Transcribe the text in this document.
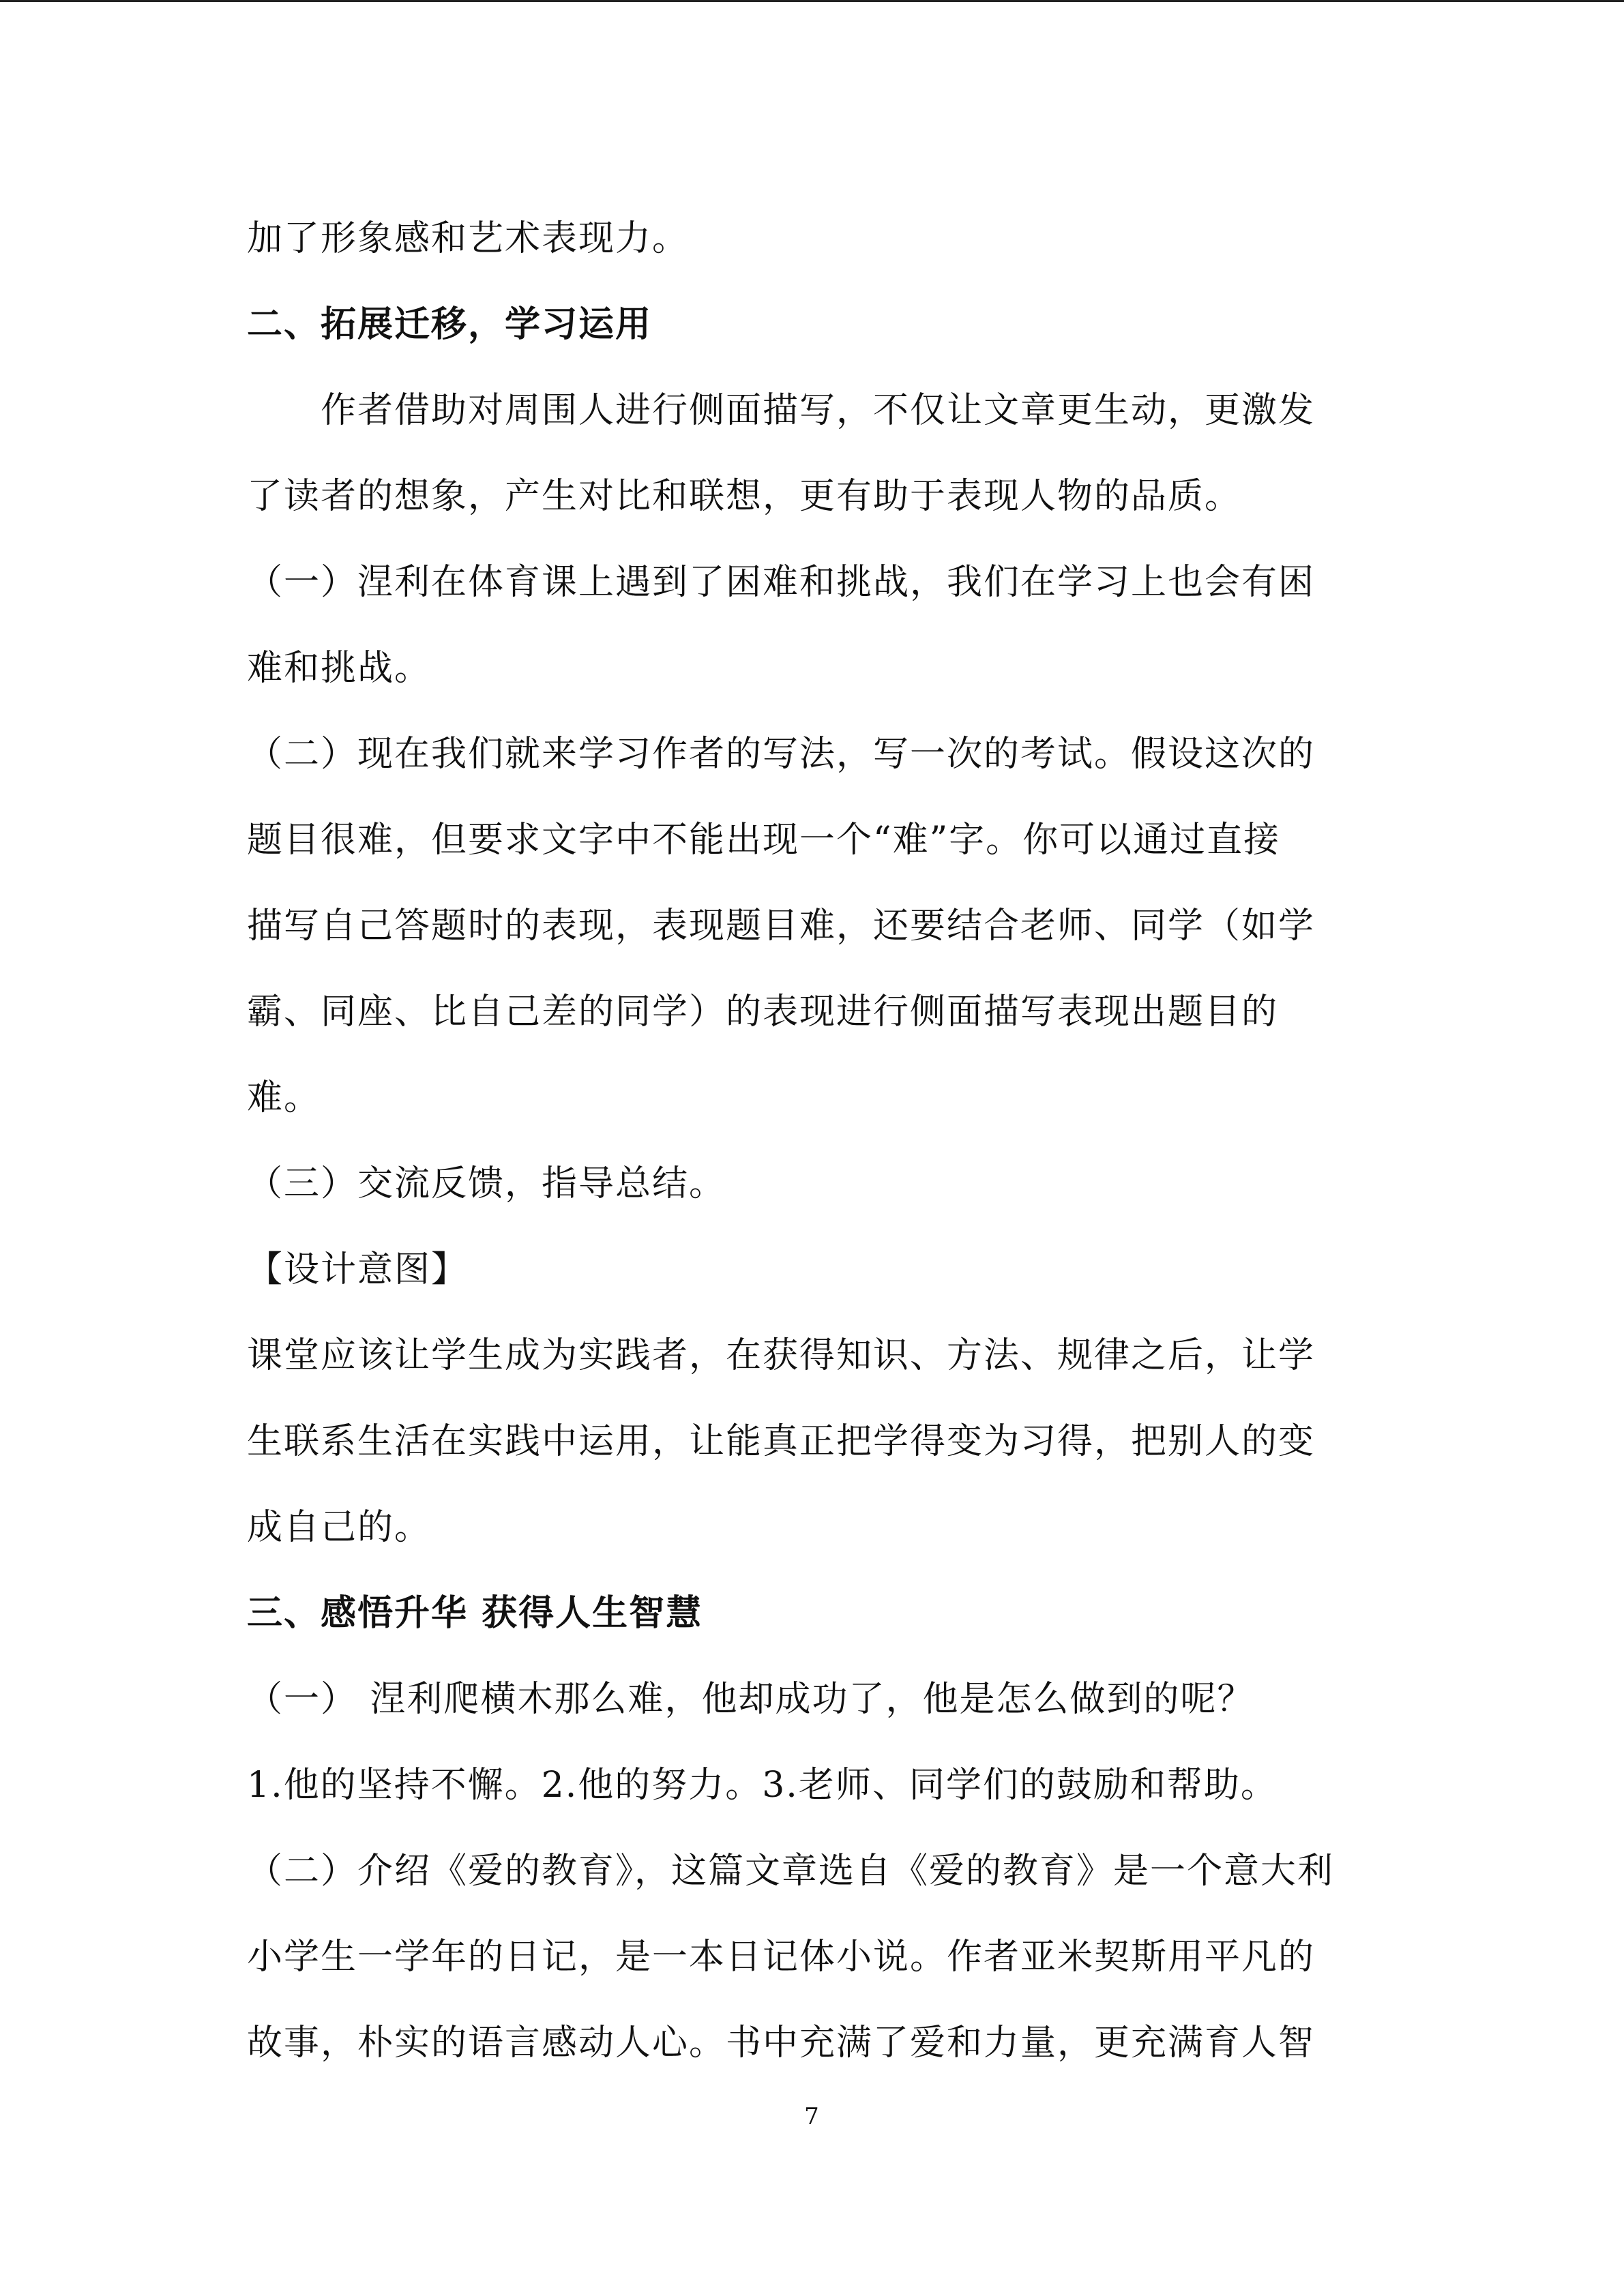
加了形象感和艺术表现力。
二、拓展迁移，学习运用
作者借助对周围人进行侧面描写，不仅让文章更生动，更激发
了读者的想象，产生对比和联想，更有助于表现人物的品质。
（一）涅利在体育课上遇到了困难和挑战，我们在学习上也会有困
难和挑战。
（二）现在我们就来学习作者的写法，写一次的考试。假设这次的
题目很难，但要求文字中不能出现一个“难”字。你可以通过直接
描写自己答题时的表现，表现题目难，还要结合老师、同学（如学
霸、同座、比自己差的同学）的表现进行侧面描写表现出题目的
难。
（三）交流反馈，指导总结。
【设计意图】
课堂应该让学生成为实践者，在获得知识、方法、规律之后，让学
生联系生活在实践中运用，让能真正把学得变为习得，把别人的变
成自己的。
三、感悟升华 获得人生智慧
（一） 涅利爬横木那么难，他却成功了，他是怎么做到的呢？
1.他的坚持不懈。2.他的努力。3.老师、同学们的鼓励和帮助。
（二）介绍《爱的教育》，这篇文章选自《爱的教育》是一个意大利
小学生一学年的日记，是一本日记体小说。作者亚米契斯用平凡的
故事，朴实的语言感动人心。书中充满了爱和力量，更充满育人智
7
